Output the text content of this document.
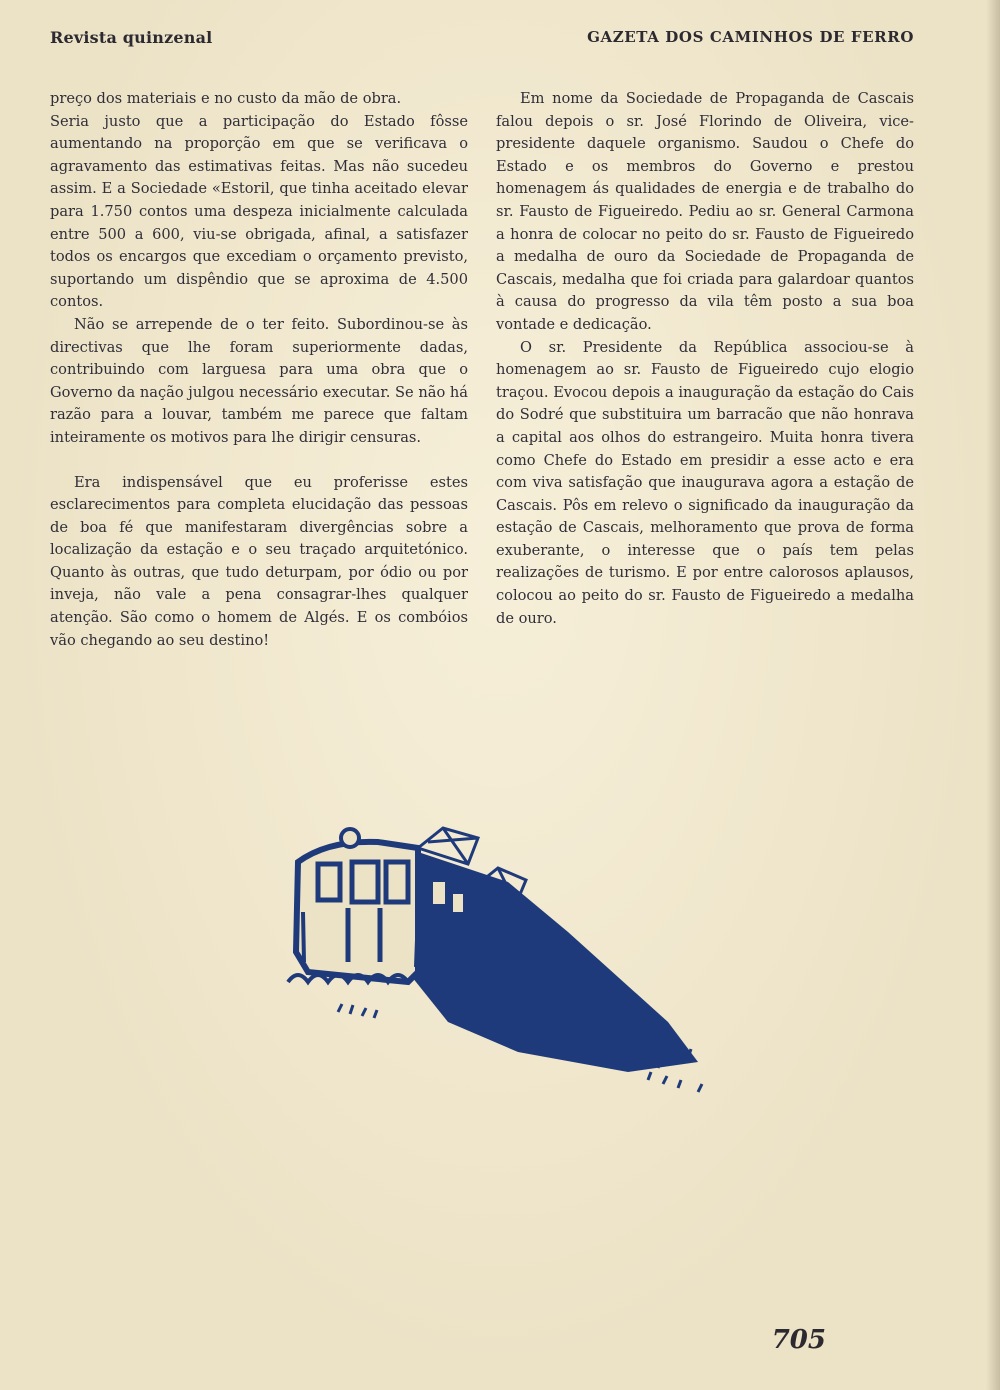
Revista quinzenal	GAZETA DOS CAMINHOS DE FERRO

preço dos materiais e no custo da mão de obra.
Seria justo que a participação do Estado fôsse aumentando na proporção em que se verificava o agravamento das estimativas feitas. Mas não sucedeu assim. E a Sociedade «Estoril, que tinha aceitado elevar para 1.750 contos uma despeza inicialmente calculada entre 500 a 600, viu-se obrigada, afinal, a satisfazer todos os encargos que excediam o orçamento previsto, suportando um dispêndio que se aproxima de 4.500 contos.

Não se arrepende de o ter feito. Subordinou-se às directivas que lhe foram superiormente dadas, contribuindo com larguesa para uma obra que o Governo da nação julgou necessário executar. Se não há razão para a louvar, também me parece que faltam inteiramente os motivos para lhe dirigir censuras.

Era indispensável que eu proferisse estes esclarecimentos para completa elucidação das pessoas de boa fé que manifestaram divergências sobre a localização da estação e o seu traçado arquitetónico. Quanto às outras, que tudo deturpam, por ódio ou por inveja, não vale a pena consagrar-lhes qualquer atenção. São como o homem de Algés. E os combóios vão chegando ao seu destino!

Em nome da Sociedade de Propaganda de Cascais falou depois o sr. José Florindo de Oliveira, vice-presidente daquele organismo. Saudou o Chefe do Estado e os membros do Governo e prestou homenagem ás qualidades de energia e de trabalho do sr. Fausto de Figueiredo. Pediu ao sr. General Carmona a honra de colocar no peito do sr. Fausto de Figueiredo a medalha de ouro da Sociedade de Propaganda de Cascais, medalha que foi criada para galardoar quantos à causa do progresso da vila têm posto a sua boa vontade e dedicação.

O sr. Presidente da República associou-se à homenagem ao sr. Fausto de Figueiredo cujo elogio traçou. Evocou depois a inauguração da estação do Cais do Sodré que substituira um barracão que não honrava a capital aos olhos do estrangeiro. Muita honra tivera como Chefe do Estado em presidir a esse acto e era com viva satisfação que inaugurava agora a estação de Cascais. Pôs em relevo o significado da inauguração da estação de Cascais, melhoramento que prova de forma exuberante, o interesse que o país tem pelas realizações de turismo. E por entre calorosos aplausos, colocou ao peito do sr. Fausto de Figueiredo a medalha de ouro.

705
